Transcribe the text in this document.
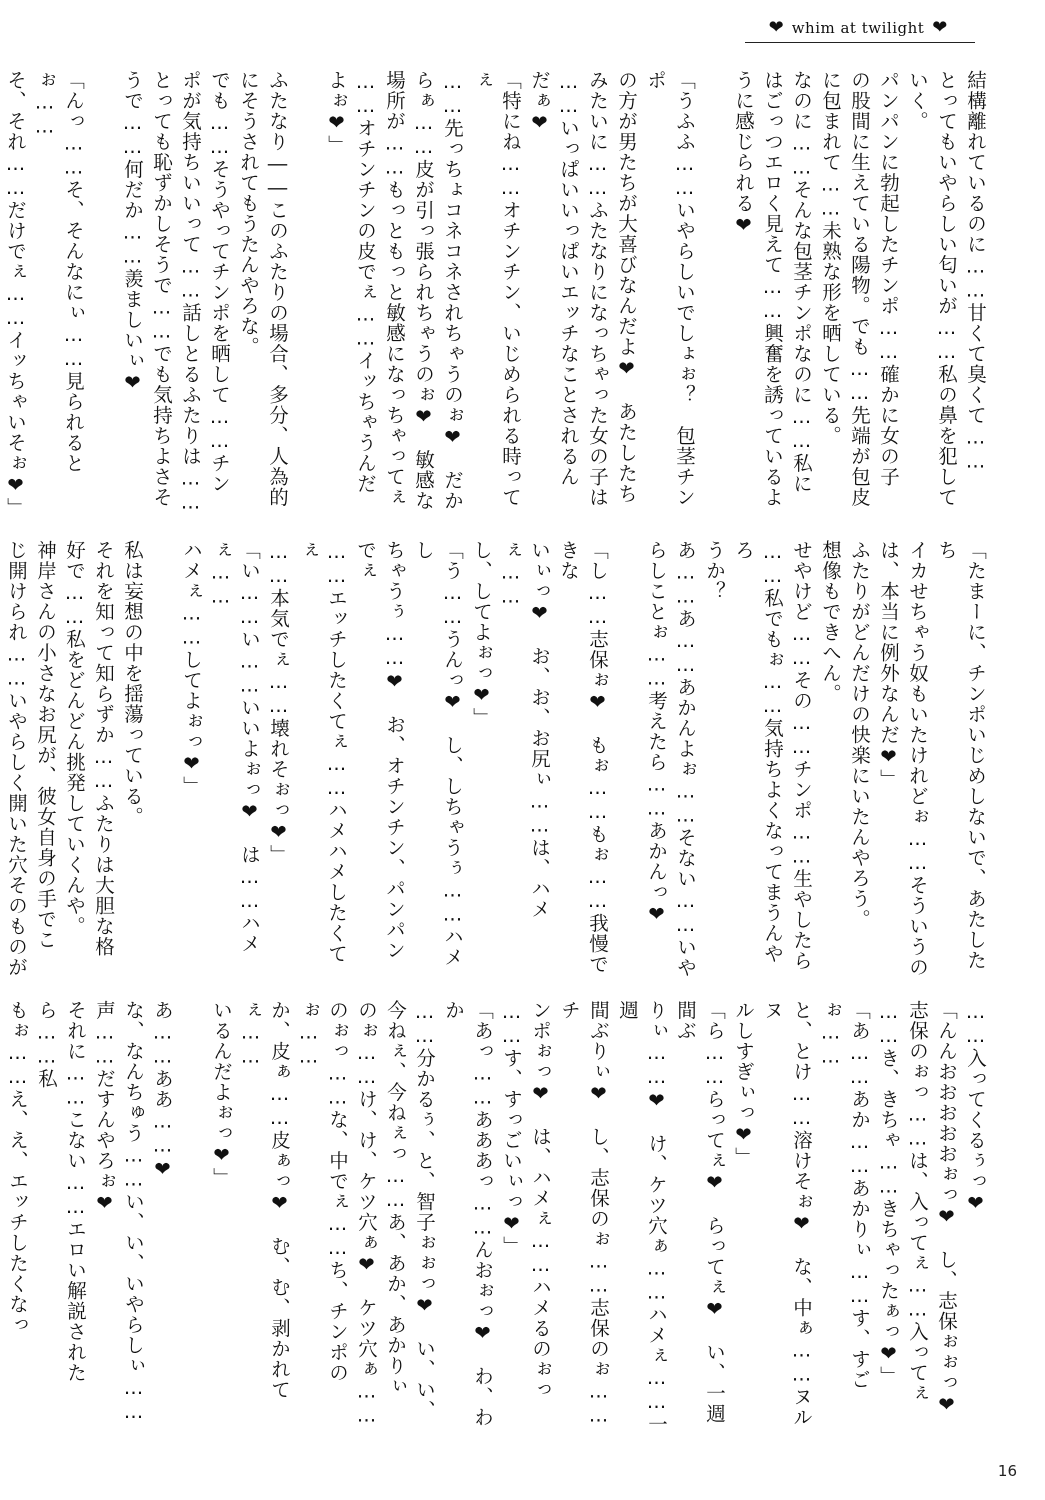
❤ whim at twilight ❤

結構離れているのに……甘くて臭くて……
とってもいやらしい匂いが……私の鼻を犯して
いく。
パンパンに勃起したチンポ……確かに女の子
の股間に生えている陽物。でも……先端が包皮
に包まれて……未熟な形を晒している。
なのに……そんな包茎チンポなのに……私に
はごっつエロく見えて……興奮を誘っているよ
うに感じられる❤

「うふふ……いやらしいでしょぉ？　包茎チンポ
の方が男たちが大喜びなんだよ❤　あたしたち
みたいに……ふたなりになっちゃった女の子は
……いっぱいいっぱいエッチなことされるん
だぁ❤
「特にね……オチンチン、いじめられる時ってぇ
……先っちょコネコネされちゃうのぉ❤　だか
らぁ……皮が引っ張られちゃうのぉ❤　敏感な
場所が……もっともっと敏感になっちゃってぇ
……オチンチンの皮でぇ……イッちゃうんだ
よぉ❤」

ふたなり――このふたりの場合、多分、人為的
にそうされてもうたんやろな。
でも……そうやってチンポを晒して……チン
ポが気持ちいいって……話しとるふたりは……
とっても恥ずかしそうで……でも気持ちよさそ
うで……何だか……羨ましいぃ❤

「んっ……そ、そんなにぃ……見られるとぉ……
そ、それ……だけでぇ……イッちゃいそぉ❤」

「たまーに、チンポいじめしないで、あたしたち
イカせちゃう奴もいたけれどぉ……そういうの
は、本当に例外なんだ❤」
ふたりがどんだけの快楽にいたんやろう。
想像もできへん。
せやけど……その……チンポ……生やしたら
……私でもぉ……気持ちよくなってまうんやろ
うか？
あ……あ……あかんよぉ……そない……いや
らしことぉ……考えたら……あかんっ❤

「し……志保ぉ❤　もぉ……もぉ……我慢できな
いぃっ❤　お、お、お尻ぃ……は、ハメぇ……
し、してよぉっ❤」
「う……うんっ❤　し、しちゃうぅ……ハメし
ちゃうぅ……❤　お、オチンチン、パンパンでぇ
……エッチしたくてぇ……ハメハメしたくてぇ
……本気でぇ……壊れそぉっ❤」
「い……い……いいよぉっ❤　は……ハメぇ……
ハメぇ……してよぉっ❤」

私は妄想の中を揺蕩っている。
それを知って知らずか……ふたりは大胆な格
好で……私をどんどん挑発していくんや。
神岸さんの小さなお尻が、彼女自身の手でこ
じ開けられ……いやらしく開いた穴そのものが

……入ってくるぅっ❤
「んんおおおおおぉっ❤　し、志保ぉぉっ❤
志保のぉっ……は、入ってぇ……入ってぇ
……き、きちゃ……きちゃったぁっ❤」
「あ……あか……あかりぃ……す、すごぉ……
と、とけ……溶けそぉ❤　な、中ぁ……ヌルヌ
ルしすぎぃっ❤」
「ら……らってぇ❤　らってぇ❤　い、一週間ぶ
りぃ……❤　け、ケツ穴ぁ……ハメぇ……一週
間ぶりぃ❤　し、志保のぉ……志保のぉ……チ
ンポぉっ❤　は、ハメぇ……ハメるのぉっ
……す、すっごいぃっ❤」
「あっ……あああっ……んおぉっ❤　わ、わか
……分かるぅ、と、智子ぉぉっ❤　い、い、
今ねぇ、今ねぇっ……あ、あか、あかりぃ
のぉ……け、け、ケツ穴ぁ❤　ケツ穴ぁ……
のぉっ……な、中でぇ……ち、チンポのぉ……
か、皮ぁ……皮ぁっ❤　む、む、剥かれてぇ……
いるんだよぉっ❤」

あ……ああ……❤
な、なんちゅう……い、い、いやらしぃ……
声……だすんやろぉ❤
それに……こない……エロい解説されたら……私
もぉ……え、え、エッチしたくなっ

16
